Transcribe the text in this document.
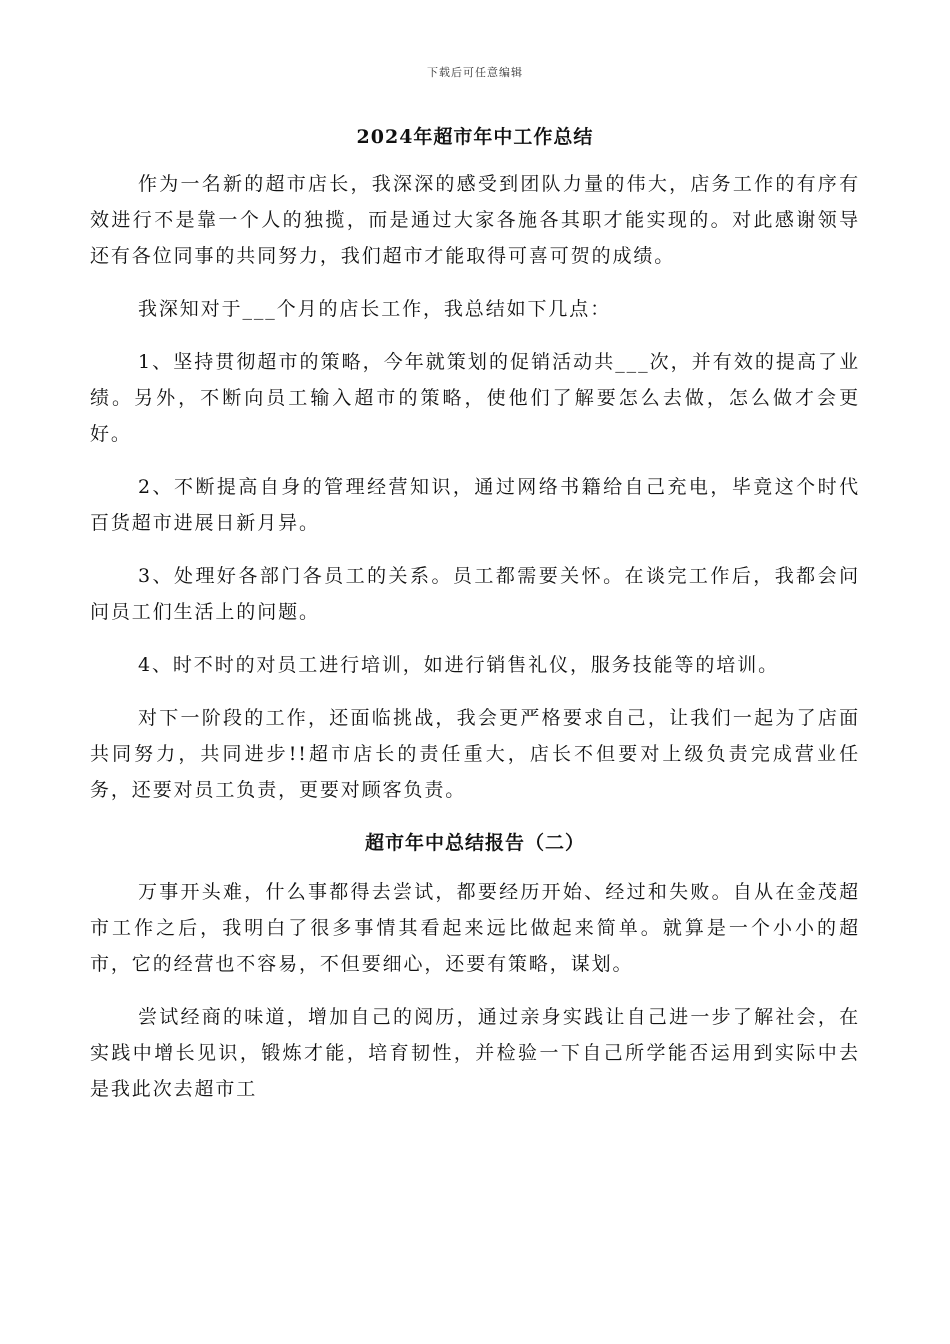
下载后可任意编辑
2024年超市年中工作总结

作为一名新的超市店长，我深深的感受到团队力量的伟大，店务工作的有序有效进行不是靠一个人的独揽，而是通过大家各施各其职才能实现的。对此感谢领导还有各位同事的共同努力，我们超市才能取得可喜可贺的成绩。

我深知对于___个月的店长工作，我总结如下几点：

1、坚持贯彻超市的策略，今年就策划的促销活动共___次，并有效的提高了业绩。另外，不断向员工输入超市的策略，使他们了解要怎么去做，怎么做才会更好。

2、不断提高自身的管理经营知识，通过网络书籍给自己充电，毕竟这个时代百货超市进展日新月异。

3、处理好各部门各员工的关系。员工都需要关怀。在谈完工作后，我都会问问员工们生活上的问题。

4、时不时的对员工进行培训，如进行销售礼仪，服务技能等的培训。

对下一阶段的工作，还面临挑战，我会更严格要求自己，让我们一起为了店面共同努力，共同进步!!超市店长的责任重大，店长不但要对上级负责完成营业任务，还要对员工负责，更要对顾客负责。

超市年中总结报告（二）

万事开头难，什么事都得去尝试，都要经历开始、经过和失败。自从在金茂超市工作之后，我明白了很多事情其看起来远比做起来简单。就算是一个小小的超市，它的经营也不容易，不但要细心，还要有策略，谋划。

尝试经商的味道，增加自己的阅历，通过亲身实践让自己进一步了解社会，在实践中增长见识，锻炼才能，培育韧性，并检验一下自己所学能否运用到实际中去是我此次去超市工
